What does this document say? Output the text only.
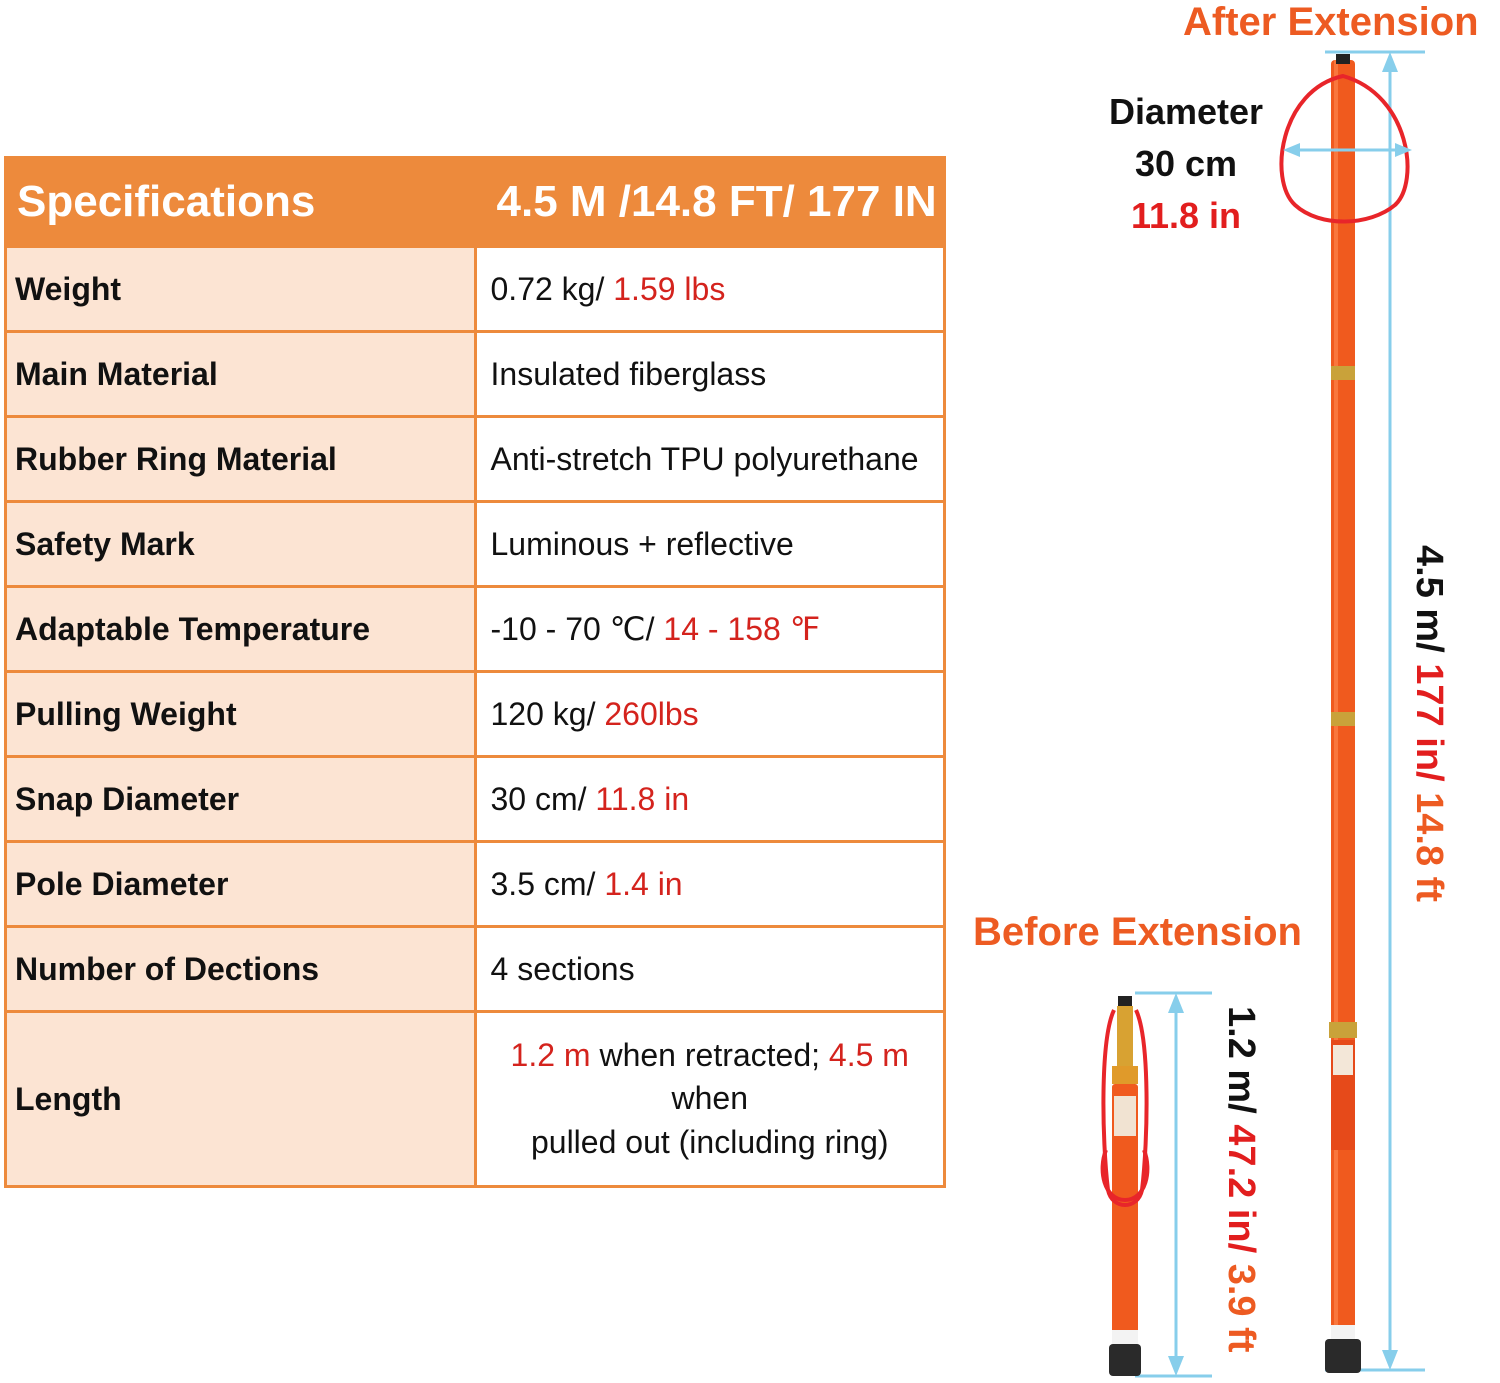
Specifications	4.5 M /14.8 FT/ 177 IN
Weight	0.72 kg/ 1.59 lbs
Main Material	Insulated fiberglass
Rubber Ring Material	Anti-stretch TPU polyurethane
Safety Mark	Luminous + reflective
Adaptable Temperature	-10 - 70 ℃/ 14 - 158 ℉
Pulling Weight	120 kg/ 260lbs
Snap Diameter	30 cm/ 11.8 in
Pole Diameter	3.5 cm/ 1.4 in
Number of Dections	4 sections
Length	1.2 m when retracted; 4.5 m when
pulled out (including ring)
After Extension
Before Extension
Diameter
30 cm
11.8 in
4.5 m/ 177 in/ 14.8 ft
1.2 m/ 47.2 in/ 3.9 ft
